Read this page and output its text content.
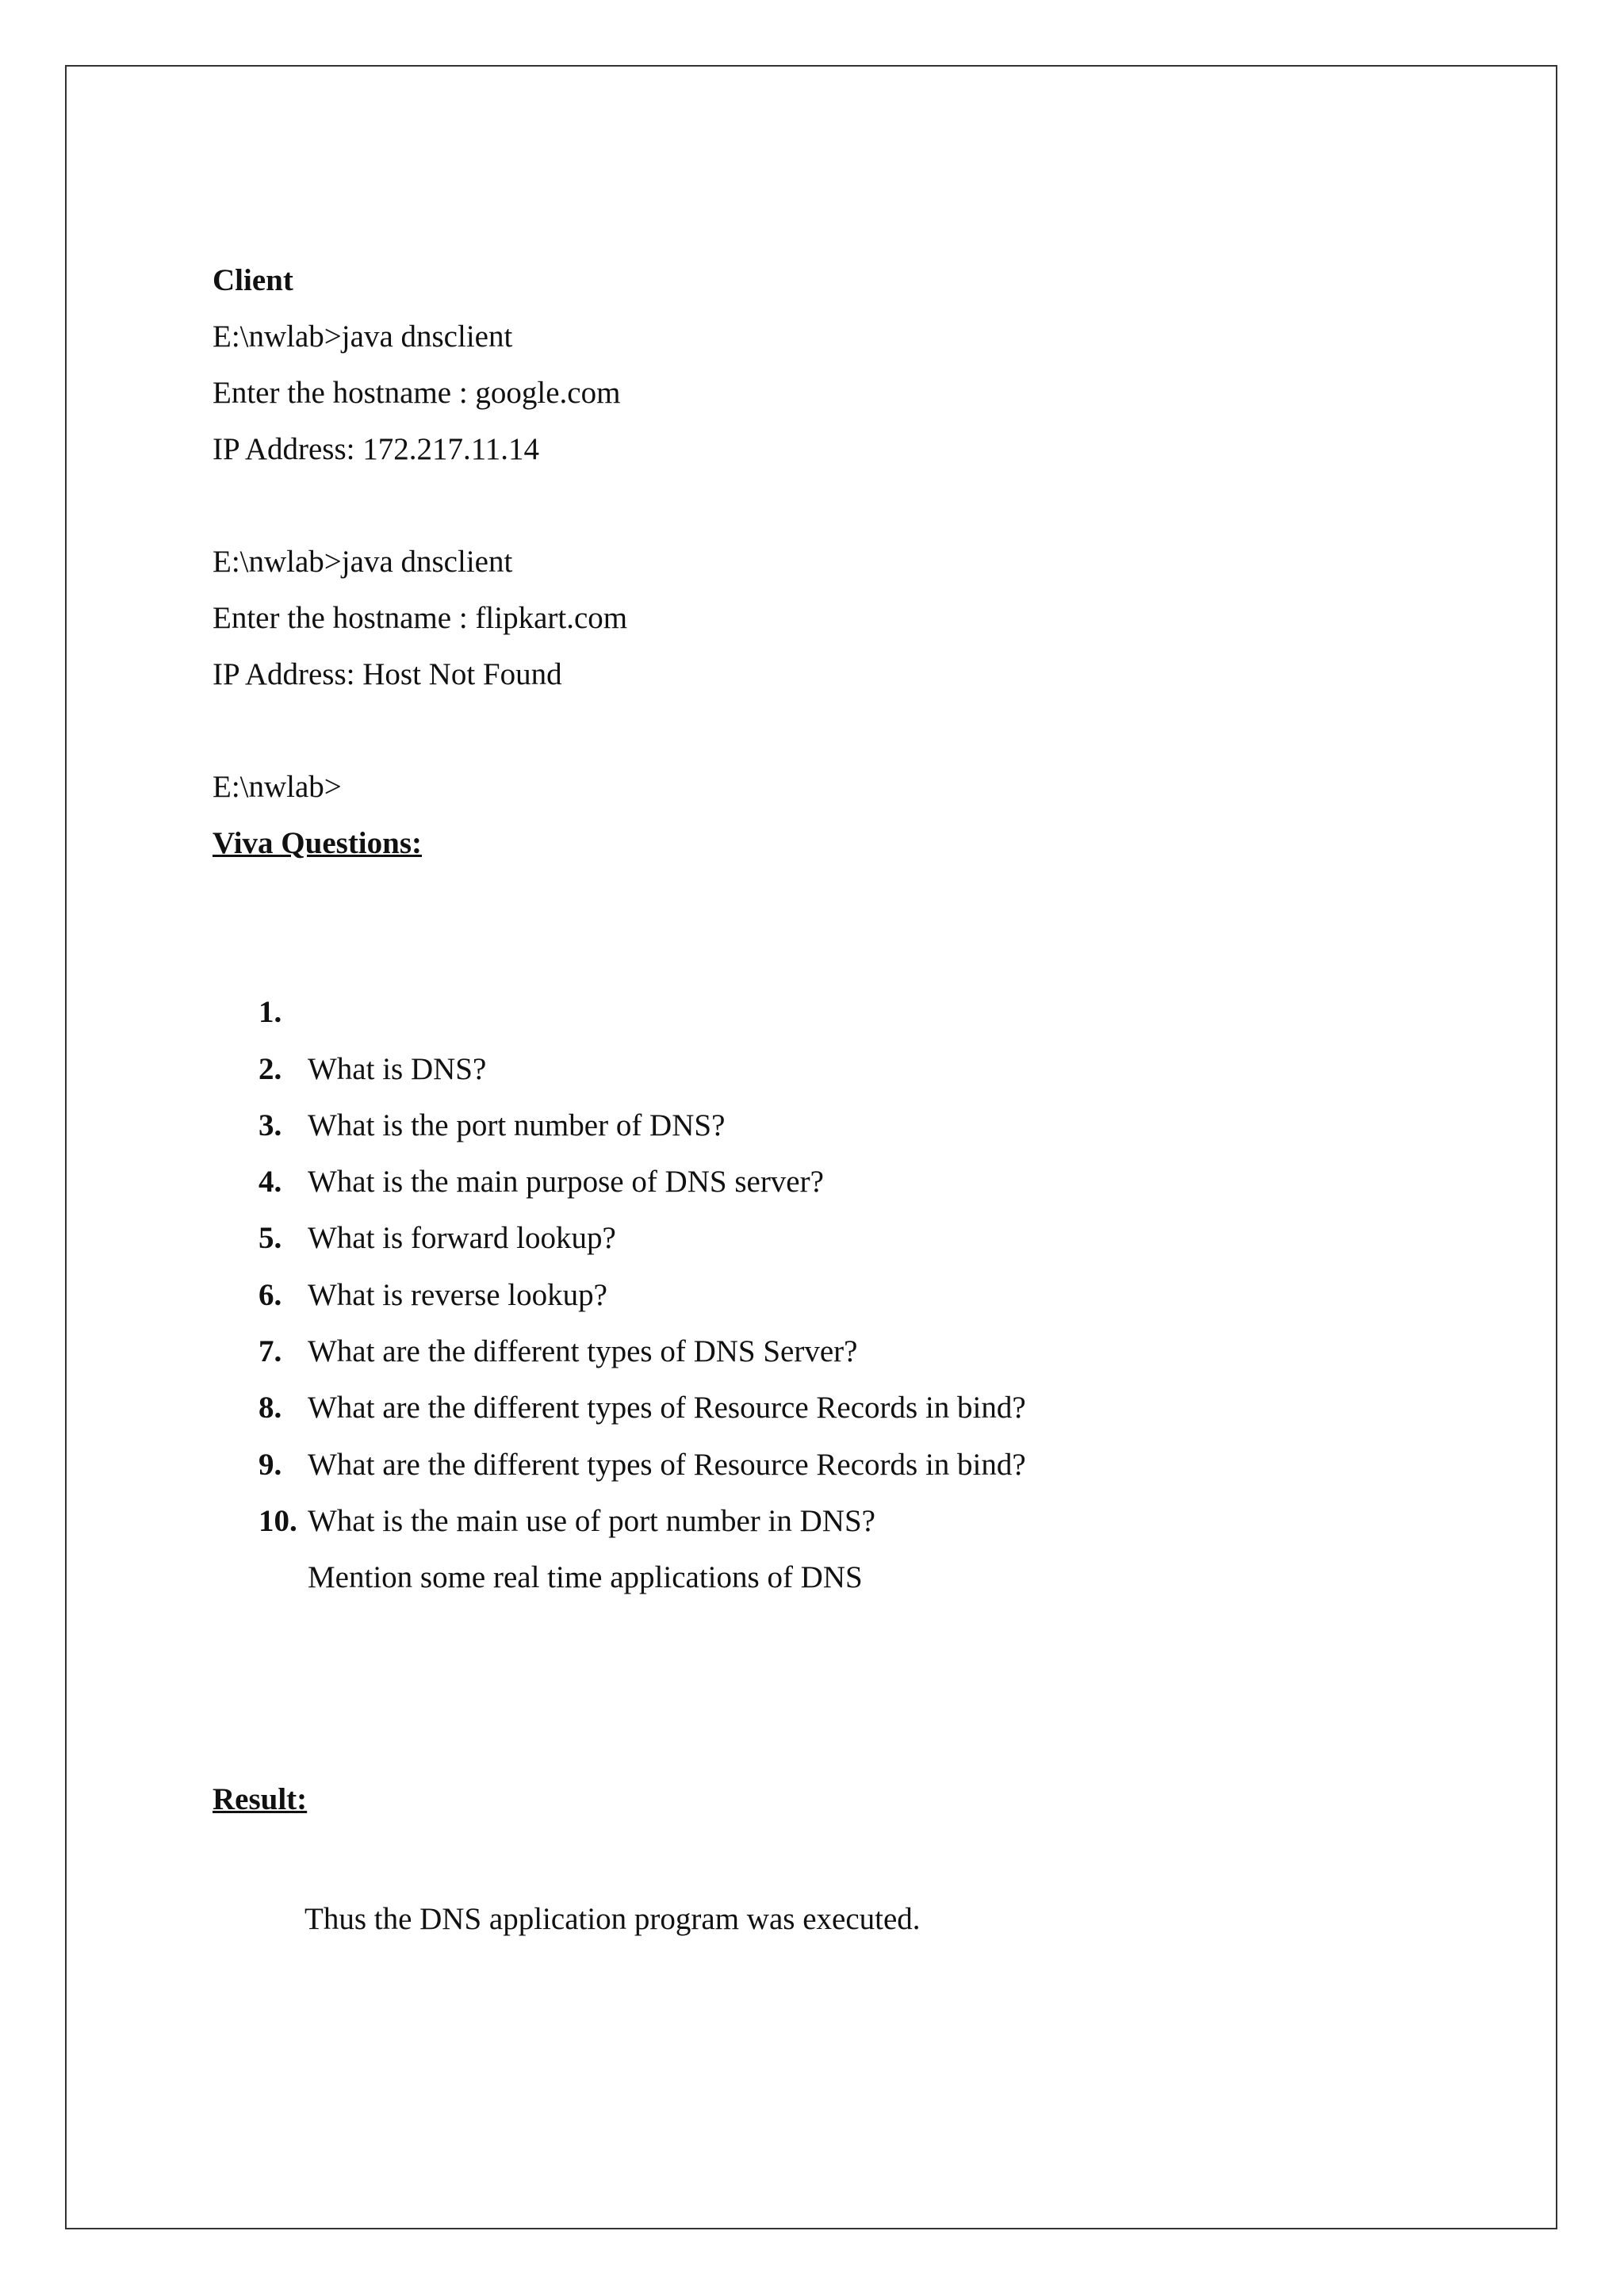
Client
E:\nwlab>java dnsclient
Enter the hostname : google.com
IP Address: 172.217.11.14
E:\nwlab>java dnsclient
Enter the hostname : flipkart.com
IP Address: Host Not Found
E:\nwlab>
Viva Questions:

1.

What is DNS?

2.

What is the port number of DNS?

3.

What is the main purpose of DNS server?

4.

What is forward lookup?

5.

What is reverse lookup?

6.

What are the different types of DNS Server?

7.

What are the different types of Resource Records in bind?

8.

What are the different types of Resource Records in bind?

9.

What is the main use of port number in DNS?

10.

Mention some real time applications of DNS

Result:
Thus the DNS application program was executed.
